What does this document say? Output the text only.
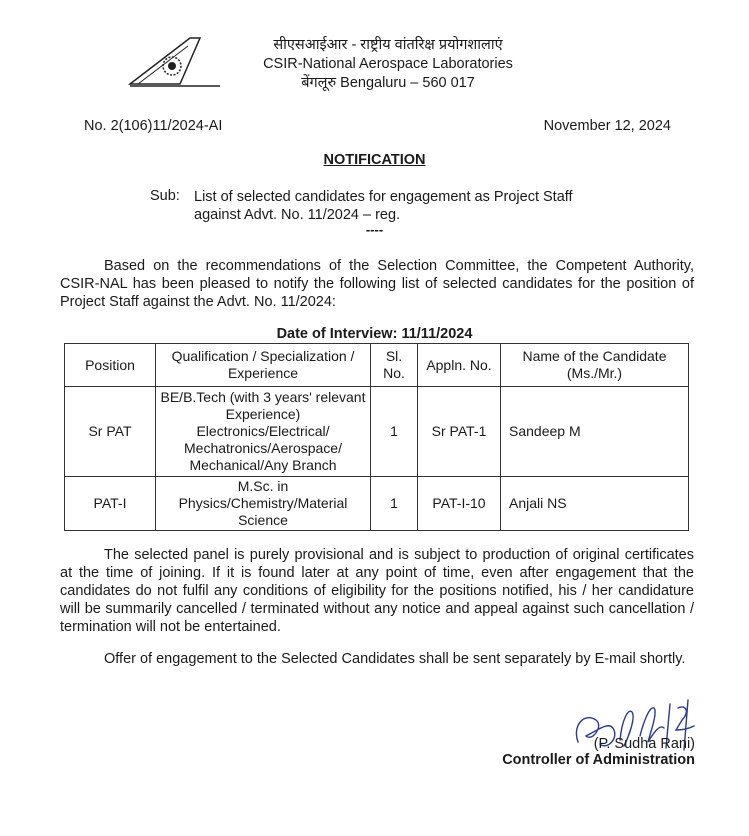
सीएसआईआर - राष्ट्रीय वांतरिक्ष प्रयोगशालाएं
CSIR-National Aerospace Laboratories
बेंगलूरु Bengaluru – 560 017
No. 2(106)11/2024-AI	November 12, 2024
NOTIFICATION
Sub: List of selected candidates for engagement as Project Staff against Advt. No. 11/2024 – reg.
----
Based on the recommendations of the Selection Committee, the Competent Authority, CSIR-NAL has been pleased to notify the following list of selected candidates for the position of Project Staff against the Advt. No. 11/2024:
Date of Interview: 11/11/2024
Position	Qualification / Specialization / Experience	Sl. No.	Appln. No.	Name of the Candidate (Ms./Mr.)
Sr PAT	BE/B.Tech (with 3 years' relevant Experience) Electronics/Electrical/ Mechatronics/Aerospace/ Mechanical/Any Branch	1	Sr PAT-1	Sandeep M
PAT-I	M.Sc. in Physics/Chemistry/Material Science	1	PAT-I-10	Anjali NS
The selected panel is purely provisional and is subject to production of original certificates at the time of joining. If it is found later at any point of time, even after engagement that the candidates do not fulfil any conditions of eligibility for the positions notified, his / her candidature will be summarily cancelled / terminated without any notice and appeal against such cancellation / termination will not be entertained.
Offer of engagement to the Selected Candidates shall be sent separately by E-mail shortly.
(P. Sudha Rani)
Controller of Administration
